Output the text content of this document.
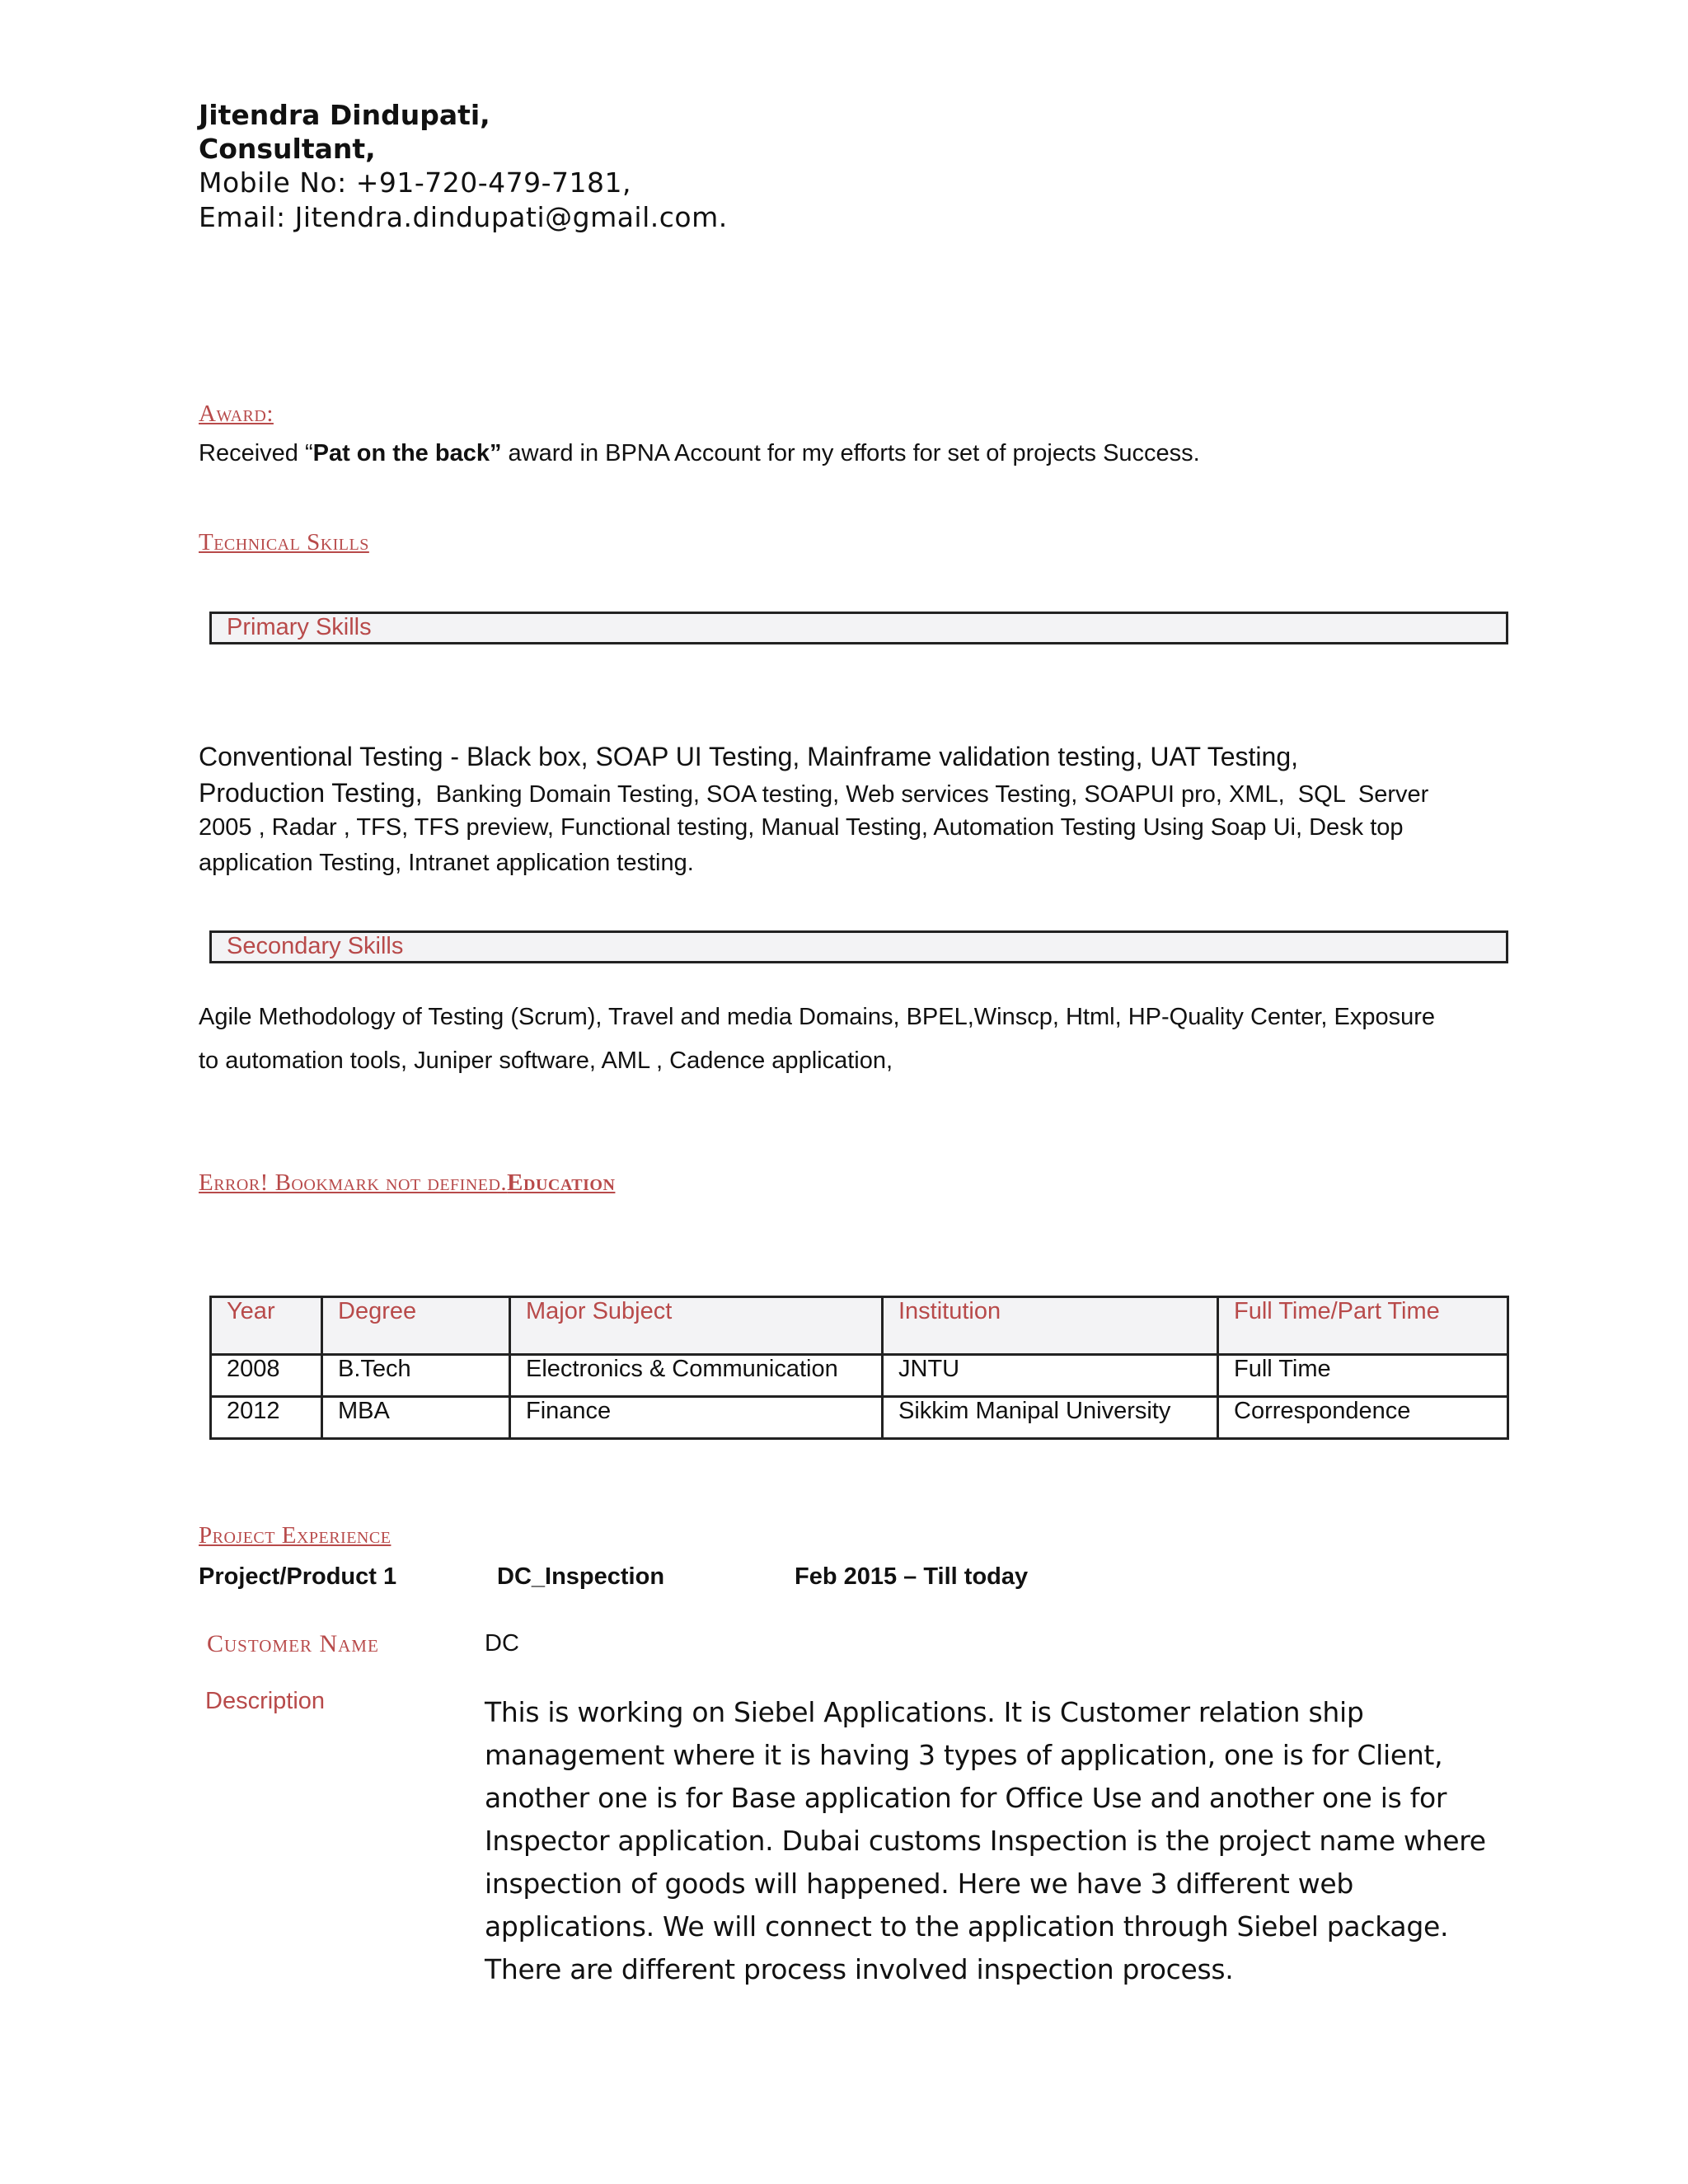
Jitendra Dindupati,
Consultant,
Mobile No: +91-720-479-7181,
Email: Jitendra.dindupati@gmail.com.
Award:
Received “Pat on the back” award in BPNA Account for my efforts for set of projects Success.
Technical Skills
Primary Skills
Conventional Testing - Black box, SOAP UI Testing, Mainframe validation testing, UAT Testing,
Production Testing,  Banking Domain Testing, SOA testing, Web services Testing, SOAPUI pro, XML,  SQL  Server
2005 , Radar , TFS, TFS preview, Functional testing, Manual Testing, Automation Testing Using Soap Ui, Desk top
application Testing, Intranet application testing.
Secondary Skills
Agile Methodology of Testing (Scrum), Travel and media Domains, BPEL,Winscp, Html, HP-Quality Center, Exposure
to automation tools, Juniper software, AML , Cadence application,
Error! Bookmark not defined.Education
Year	Degree	Major Subject	Institution	Full Time/Part Time
2008	B.Tech	Electronics & Communication	JNTU	Full Time
2012	MBA	Finance	Sikkim Manipal University	Correspondence
Project Experience
Project/Product 1	DC_Inspection	Feb 2015 – Till today
Customer Name	DC
Description	This is working on Siebel Applications. It is Customer relation ship management where it is having 3 types of application, one is for Client, another one is for Base application for Office Use and another one is for Inspector application. Dubai customs Inspection is the project name where inspection of goods will happened. Here we have 3 different web applications. We will connect to the application through Siebel package. There are different process involved inspection process.
